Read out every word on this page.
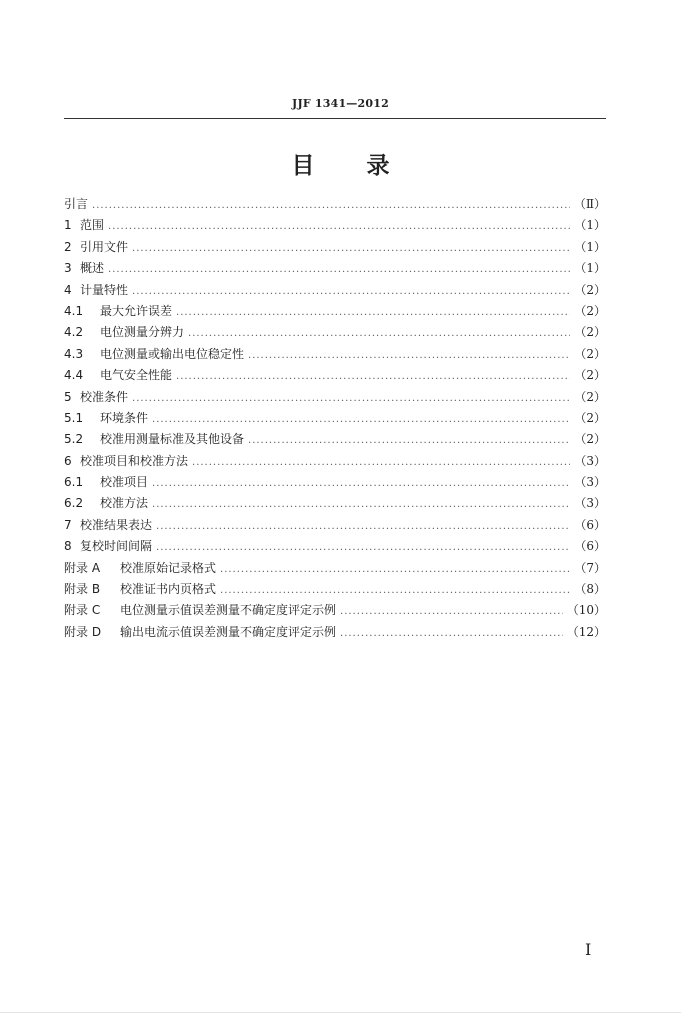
JJF 1341—2012
目 录
引言 .....	（Ⅱ）
1 范围 .....	（1）
2 引用文件 .....	（1）
3 概述 .....	（1）
4 计量特性 .....	（2）
4.1	最大允许误差 .....	（2）
4.2	电位测量分辨力 .....	（2）
4.3	电位测量或输出电位稳定性 .....	（2）
4.4	电气安全性能 .....	（2）
5 校准条件 .....	（2）
5.1	环境条件 .....	（2）
5.2	校准用测量标准及其他设备 .....	（2）
6 校准项目和校准方法 .....	（3）
6.1	校准项目 .....	（3）
6.2	校准方法 .....	（3）
7 校准结果表达 .....	（6）
8 复校时间间隔 .....	（6）
附录 A	校准原始记录格式 .....	（7）
附录 B	校准证书内页格式 .....	（8）
附录 C	电位测量示值误差测量不确定度评定示例 .....	（10）
附录 D	输出电流示值误差测量不确定度评定示例 .....	（12）
I
